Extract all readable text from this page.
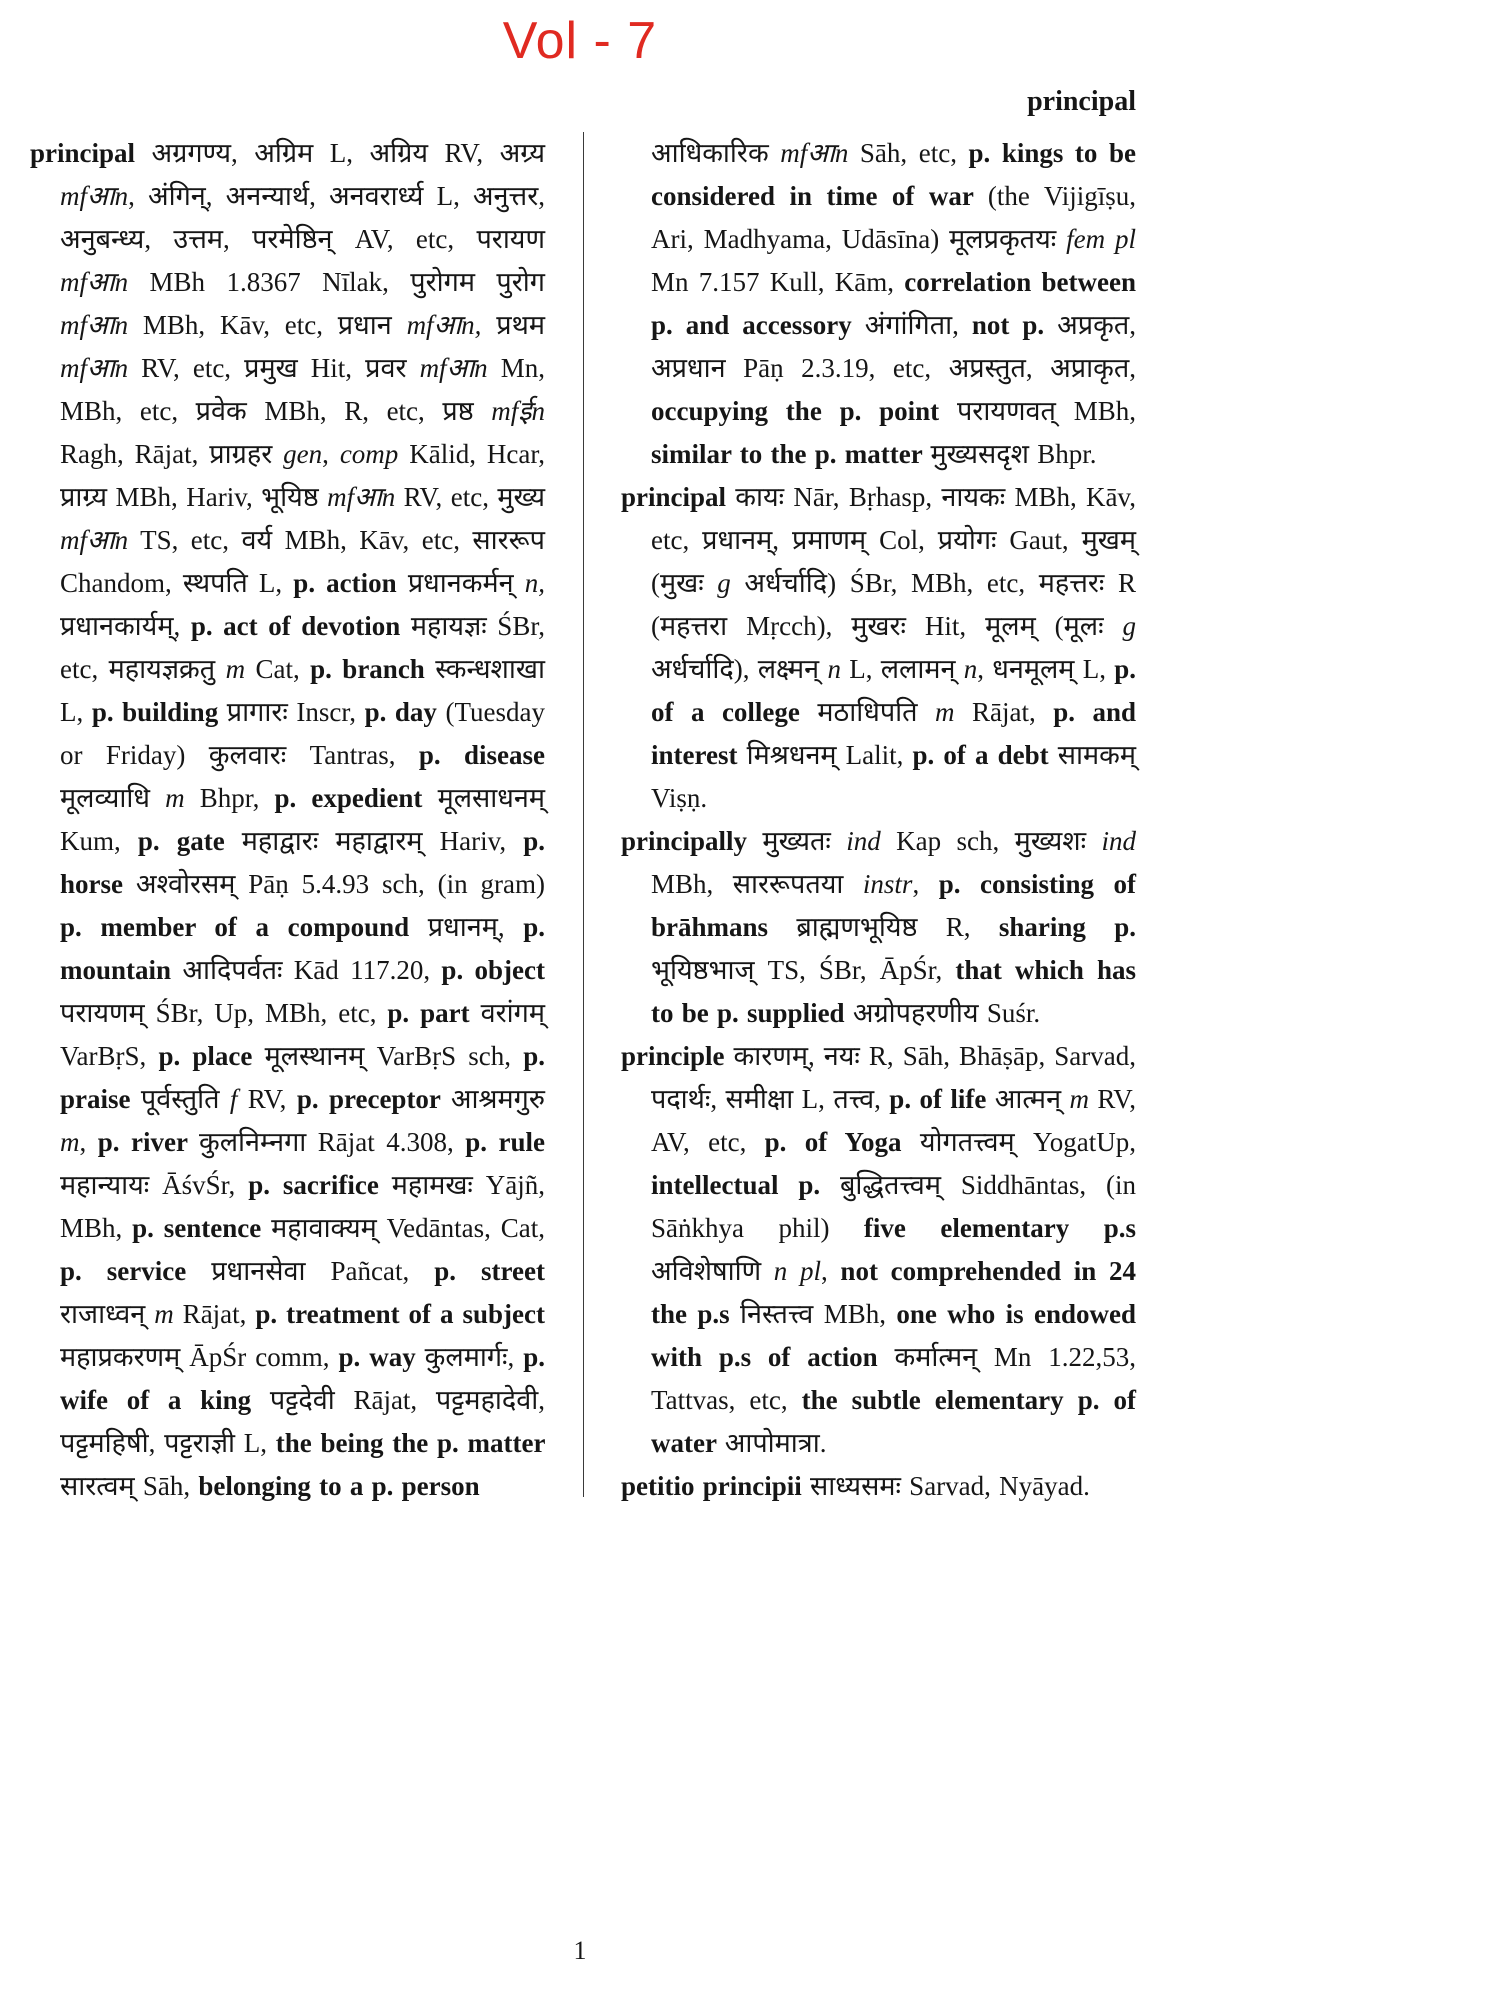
Vol - 7
principal

principal अग्रगण्य, अग्रिम L, अग्रिय RV, अग्र्य mfआn, अंगिन्, अनन्यार्थ, अनवरार्ध्य L, अनुत्तर, अनुबन्ध्य, उत्तम, परमेष्ठिन् AV, etc, परायण mfआn MBh 1.8367 Nīlak, पुरोगम पुरोग mfआn MBh, Kāv, etc, प्रधान mfआn, प्रथम mfआn RV, etc, प्रमुख Hit, प्रवर mfआn Mn, MBh, etc, प्रवेक MBh, R, etc, प्रष्ठ mfईn Ragh, Rājat, प्राग्रहर gen, comp Kālid, Hcar, प्राग्र्य MBh, Hariv, भूयिष्ठ mfआn RV, etc, मुख्य mfआn TS, etc, वर्य MBh, Kāv, etc, साररूप Chandom, स्थपति L, p. action प्रधानकर्मन् n, प्रधानकार्यम्, p. act of devotion महायज्ञः ŚBr, etc, महायज्ञक्रतु m Cat, p. branch स्कन्धशाखा L, p. building प्रागारः Inscr, p. day (Tuesday or Friday) कुलवारः Tantras, p. disease मूलव्याधि m Bhpr, p. expedient मूलसाधनम् Kum, p. gate महाद्वारः महाद्वारम् Hariv, p. horse अश्वोरसम् Pāṇ 5.4.93 sch, (in gram) p. member of a compound प्रधानम्, p. mountain आदिपर्वतः Kād 117.20, p. object परायणम् ŚBr, Up, MBh, etc, p. part वरांगम् VarBṛS, p. place मूलस्थानम् VarBṛS sch, p. praise पूर्वस्तुति f RV, p. preceptor आश्रमगुरु m, p. river कुलनिम्नगा Rājat 4.308, p. rule महान्यायः ĀśvŚr, p. sacrifice महामखः Yājñ, MBh, p. sentence महावाक्यम् Vedāntas, Cat, p. service प्रधानसेवा Pañcat, p. street राजाध्वन् m Rājat, p. treatment of a subject महाप्रकरणम् ĀpŚr comm, p. way कुलमार्गः, p. wife of a king पट्टदेवी Rājat, पट्टमहादेवी, पट्टमहिषी, पट्टराज्ञी L, the being the p. matter सारत्वम् Sāh, belonging to a p. person

आधिकारिक mfआn Sāh, etc, p. kings to be considered in time of war (the Vijigīṣu, Ari, Madhyama, Udāsīna) मूलप्रकृतयः fem pl Mn 7.157 Kull, Kām, correlation between p. and accessory अंगांगिता, not p. अप्रकृत, अप्रधान Pāṇ 2.3.19, etc, अप्रस्तुत, अप्राकृत, occupying the p. point परायणवत् MBh, similar to the p. matter मुख्यसदृश Bhpr.

principal कायः Nār, Bṛhasp, नायकः MBh, Kāv, etc, प्रधानम्, प्रमाणम् Col, प्रयोगः Gaut, मुखम् (मुखः g अर्धर्चादि) ŚBr, MBh, etc, महत्तरः R (महत्तरा Mṛcch), मुखरः Hit, मूलम् (मूलः g अर्धर्चादि), लक्ष्मन् n L, ललामन् n, धनमूलम् L, p. of a college मठाधिपति m Rājat, p. and interest मिश्रधनम् Lalit, p. of a debt सामकम् Viṣṇ.

principally मुख्यतः ind Kap sch, मुख्यशः ind MBh, साररूपतया instr, p. consisting of brāhmans ब्राह्मणभूयिष्ठ R, sharing p. भूयिष्ठभाज् TS, ŚBr, ĀpŚr, that which has to be p. supplied अग्रोपहरणीय Suśr.

principle कारणम्, नयः R, Sāh, Bhāṣāp, Sarvad, पदार्थः, समीक्षा L, तत्त्व, p. of life आत्मन् m RV, AV, etc, p. of Yoga योगतत्त्वम् YogatUp, intellectual p. बुद्धितत्त्वम् Siddhāntas, (in Sāṅkhya phil) five elementary p.s अविशेषाणि n pl, not comprehended in 24 the p.s निस्तत्त्व MBh, one who is endowed with p.s of action कर्मात्मन् Mn 1.22,53, Tattvas, etc, the subtle elementary p. of water आपोमात्रा.

petitio principii साध्यसमः Sarvad, Nyāyad.

1
